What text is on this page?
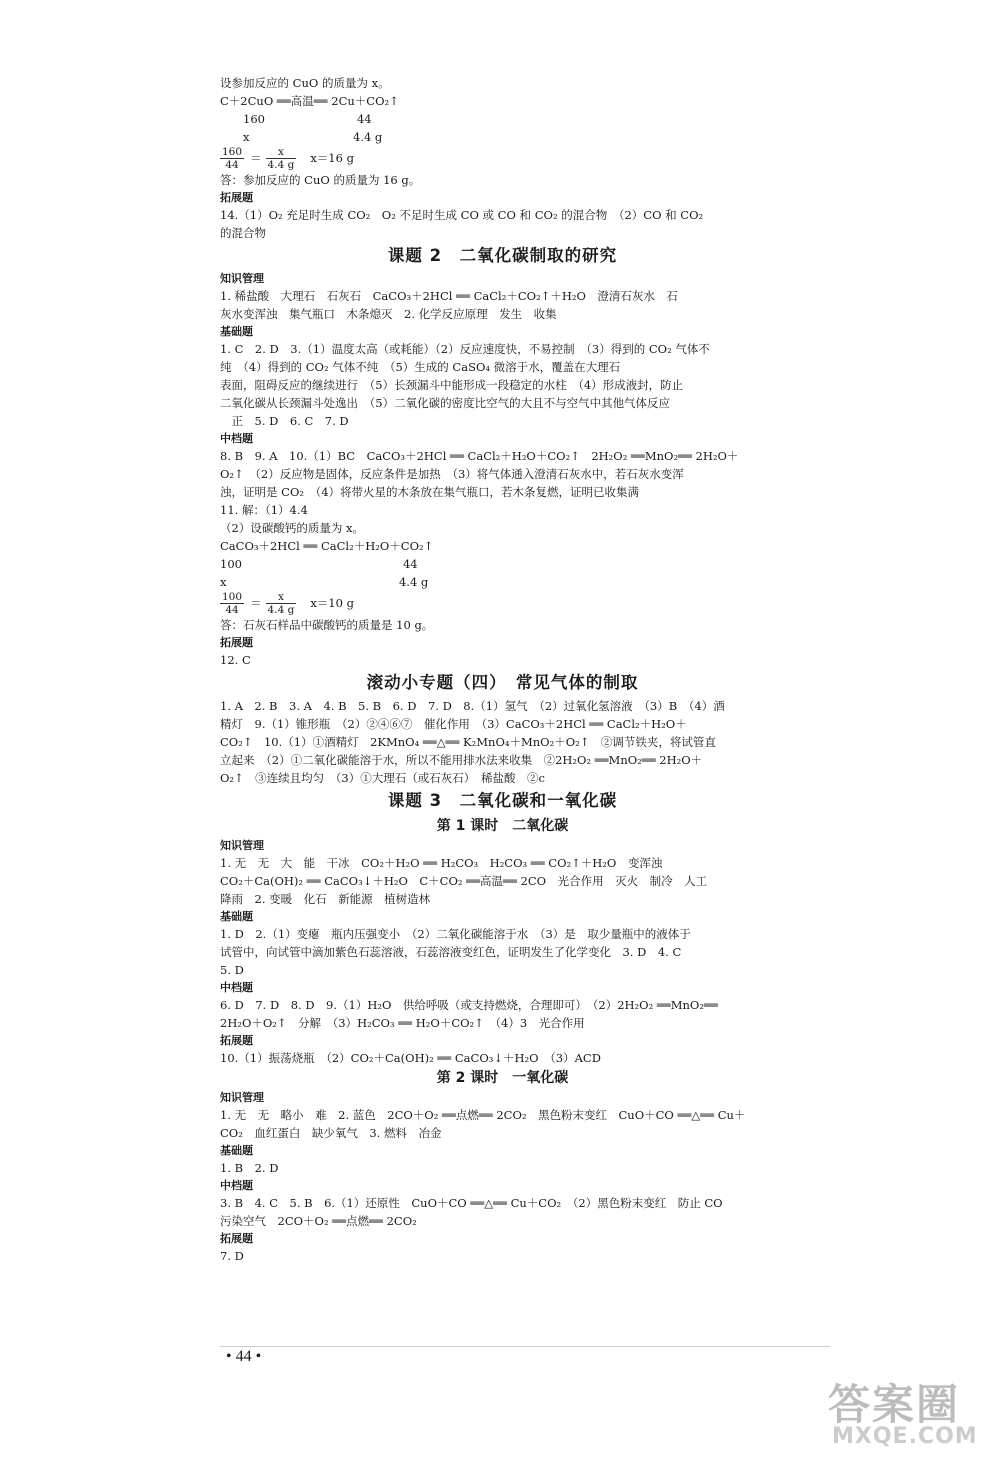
设参加反应的 CuO 的质量为 x。
C＋2CuO ══高温══ 2Cu＋CO₂↑
　　160　　　　　　　　44
　　x　　　　　　　　　4.4 g
$\frac{160}{44} = \frac{x}{4.4 g} x=16$ g
答：参加反应的 CuO 的质量为 16 g。
拓展题
14.（1）O₂ 充足时生成 CO₂　O₂ 不足时生成 CO 或 CO 和 CO₂ 的混合物　（2）CO 和 CO₂
的混合物
课题 2　二氧化碳制取的研究
知识管理
1. 稀盐酸　大理石　石灰石　CaCO₃＋2HCl ══ CaCl₂＋CO₂↑＋H₂O　澄清石灰水　石
灰水变浑浊　集气瓶口　木条熄灭　2. 化学反应原理　发生　收集
基础题
1. C　2. D　3.（1）温度太高（或耗能）（2）反应速度快，不易控制　（3）得到的 CO₂ 气体不
纯　（4）得到的 CO₂ 气体不纯　（5）生成的 CaSO₄ 微溶于水，覆盖在大理石
表面，阻碍反应的继续进行　（5）长颈漏斗中能形成一段稳定的水柱　（4）形成液封，防止
二氧化碳从长颈漏斗处逸出　（5）二氧化碳的密度比空气的大且不与空气中其他气体反应
　正　5. D　6. C　7. D
中档题
8. B　9. A　10.（1）BC　CaCO₃＋2HCl ══ CaCl₂＋H₂O＋CO₂↑　2H₂O₂ ══MnO₂══ 2H₂O＋
O₂↑　（2）反应物是固体，反应条件是加热　（3）将气体通入澄清石灰水中，若石灰水变浑
浊，证明是 CO₂　（4）将带火星的木条放在集气瓶口，若木条复燃，证明已收集满
11. 解：（1）4.4
（2）设碳酸钙的质量为 x。
CaCO₃＋2HCl ══ CaCl₂＋H₂O＋CO₂↑
100　　　　　　　　　　　　　　44
x　　　　　　　　　　　　　　　4.4 g
$\frac{100}{44} = \frac{x}{4.4 g} x=10$ g
答：石灰石样品中碳酸钙的质量是 10 g。
拓展题
12. C
滚动小专题（四）　常见气体的制取
1. A　2. B　3. A　4. B　5. B　6. D　7. D　8.（1）氢气　（2）过氧化氢溶液　（3）B　（4）酒
精灯　9.（1）锥形瓶　（2）②④⑥⑦　催化作用　（3）CaCO₃＋2HCl ══ CaCl₂＋H₂O＋
CO₂↑　10.（1）①酒精灯　2KMnO₄ ══△══ K₂MnO₄＋MnO₂＋O₂↑　②调节铁夹，将试管直
立起来　（2）①二氧化碳能溶于水，所以不能用排水法来收集　②2H₂O₂ ══MnO₂══ 2H₂O＋
O₂↑　③连续且均匀　（3）①大理石（或石灰石）　稀盐酸　②c
课题 3　二氧化碳和一氧化碳
第 1 课时　二氧化碳
知识管理
1. 无　无　大　能　干冰　CO₂＋H₂O ══ H₂CO₃　H₂CO₃ ══ CO₂↑＋H₂O　变浑浊
CO₂＋Ca(OH)₂ ══ CaCO₃↓＋H₂O　C＋CO₂ ══高温══ 2CO　光合作用　灭火　制冷　人工
降雨　2. 变暖　化石　新能源　植树造林
基础题
1. D　2.（1）变瘪　瓶内压强变小　（2）二氧化碳能溶于水　（3）是　取少量瓶中的液体于
试管中，向试管中滴加紫色石蕊溶液，石蕊溶液变红色，证明发生了化学变化　3. D　4. C
5. D
中档题
6. D　7. D　8. D　9.（1）H₂O　供给呼吸（或支持燃烧，合理即可）　（2）2H₂O₂ ══MnO₂══
2H₂O＋O₂↑　分解　（3）H₂CO₃ ══ H₂O＋CO₂↑　（4）3　光合作用
拓展题
10.（1）振荡烧瓶　（2）CO₂＋Ca(OH)₂ ══ CaCO₃↓＋H₂O　（3）ACD
第 2 课时　一氧化碳
知识管理
1. 无　无　略小　难　2. 蓝色　2CO＋O₂ ══点燃══ 2CO₂　黑色粉末变红　CuO＋CO ══△══ Cu＋
CO₂　血红蛋白　缺少氧气　3. 燃料　冶金
基础题
1. B　2. D
中档题
3. B　4. C　5. B　6.（1）还原性　CuO＋CO ══△══ Cu＋CO₂　（2）黑色粉末变红　防止 CO
污染空气　2CO＋O₂ ══点燃══ 2CO₂
拓展题
7. D
• 44 •
答案圈
MXQE.COM
